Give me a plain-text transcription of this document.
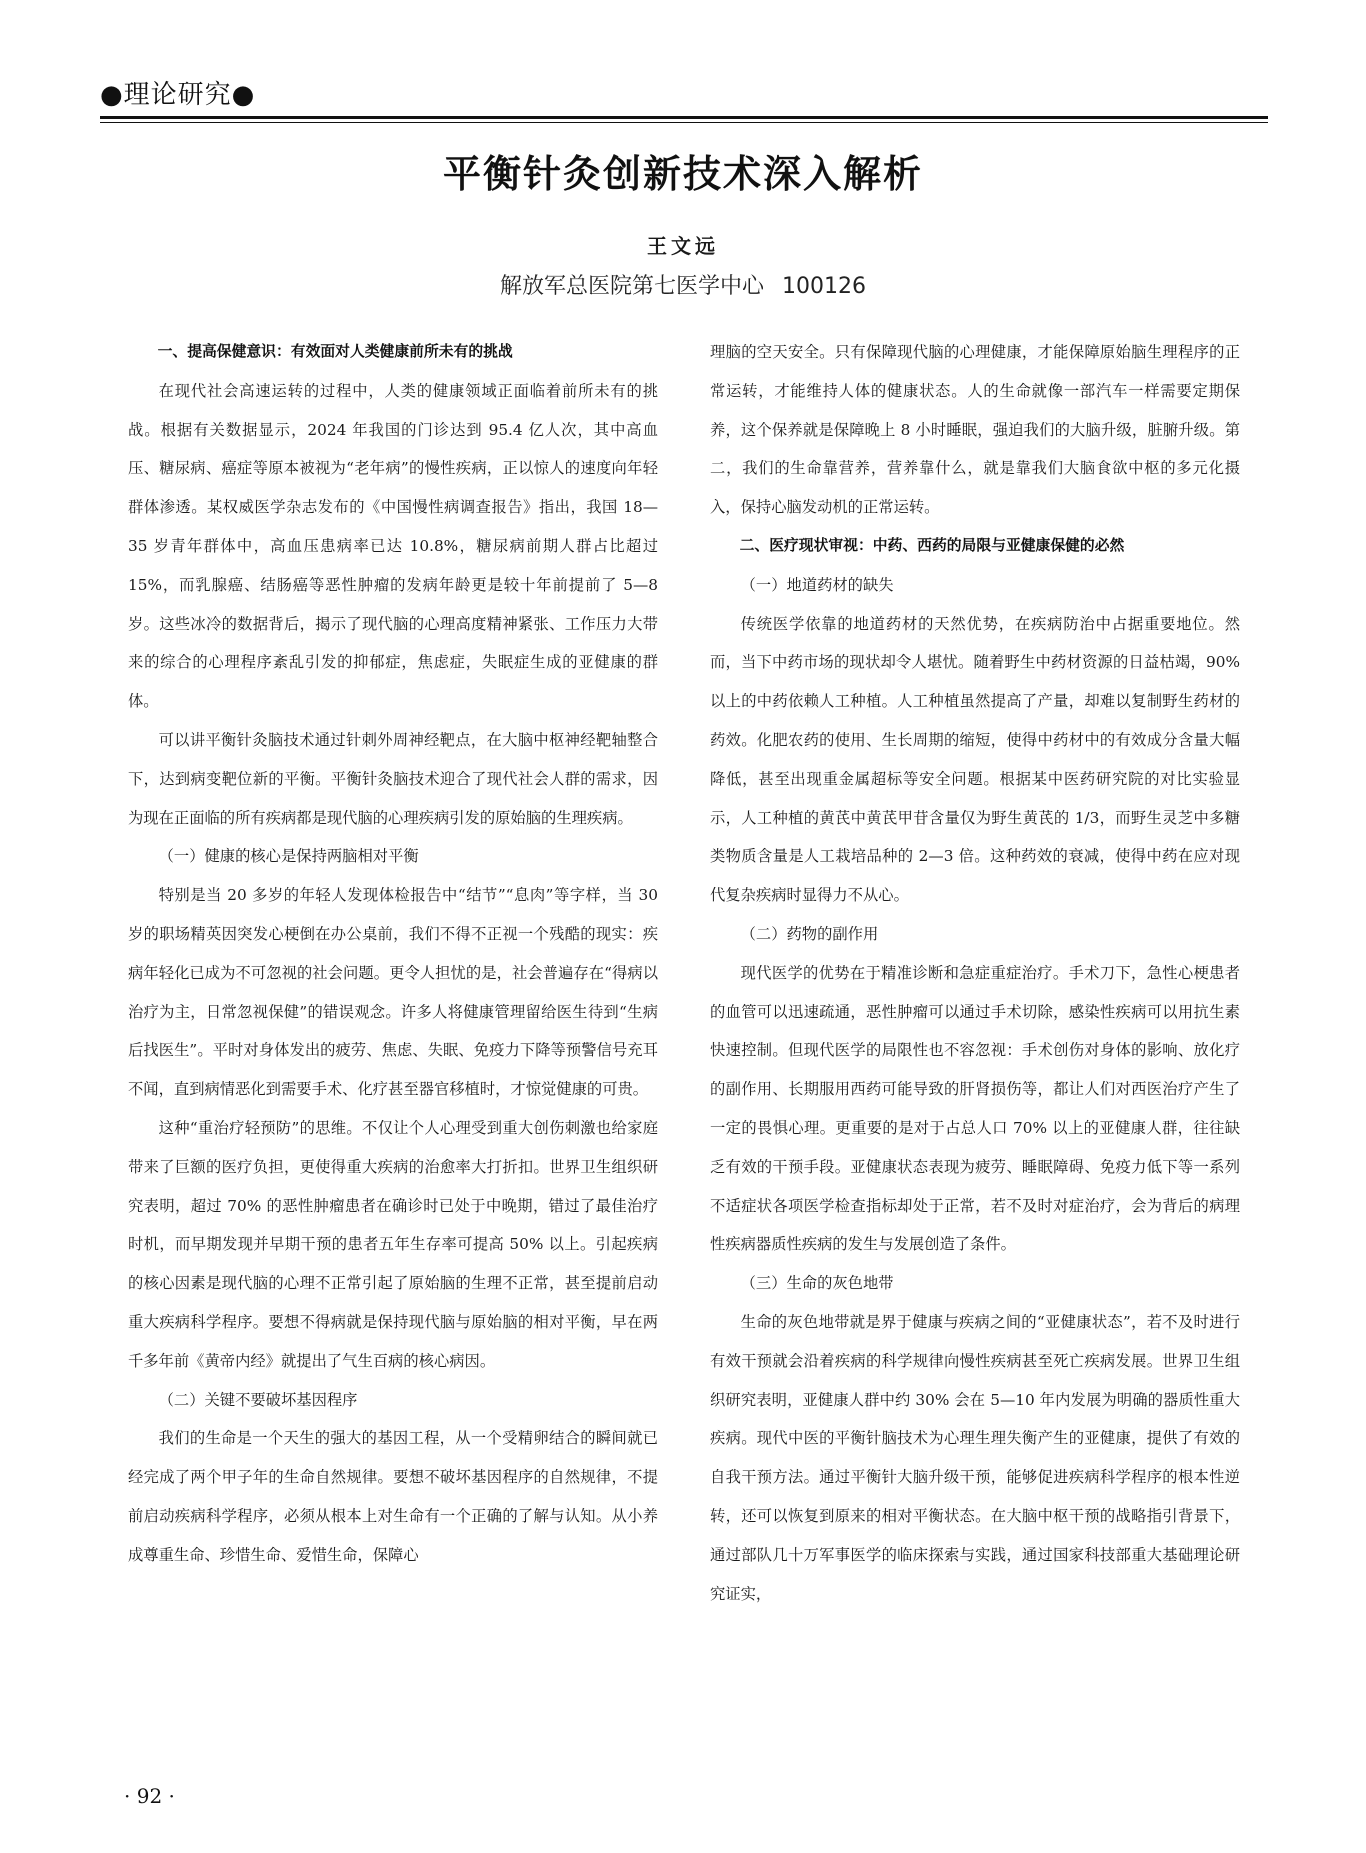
●理论研究●
平衡针灸创新技术深入解析
王文远
解放军总医院第七医学中心 100126
一、提高保健意识：有效面对人类健康前所未有的挑战

在现代社会高速运转的过程中，人类的健康领域正面临着前所未有的挑战。根据有关数据显示，2024 年我国的门诊达到 95.4 亿人次，其中高血压、糖尿病、癌症等原本被视为“老年病”的慢性疾病，正以惊人的速度向年轻群体渗透。某权威医学杂志发布的《中国慢性病调查报告》指出，我国 18—35 岁青年群体中，高血压患病率已达 10.8%，糖尿病前期人群占比超过 15%，而乳腺癌、结肠癌等恶性肿瘤的发病年龄更是较十年前提前了 5—8 岁。这些冰冷的数据背后，揭示了现代脑的心理高度精神紧张、工作压力大带来的综合的心理程序紊乱引发的抑郁症，焦虑症，失眠症生成的亚健康的群体。

可以讲平衡针灸脑技术通过针刺外周神经靶点，在大脑中枢神经靶轴整合下，达到病变靶位新的平衡。平衡针灸脑技术迎合了现代社会人群的需求，因为现在正面临的所有疾病都是现代脑的心理疾病引发的原始脑的生理疾病。

（一）健康的核心是保持两脑相对平衡

特别是当 20 多岁的年轻人发现体检报告中“结节”“息肉”等字样，当 30 岁的职场精英因突发心梗倒在办公桌前，我们不得不正视一个残酷的现实：疾病年轻化已成为不可忽视的社会问题。更令人担忧的是，社会普遍存在“得病以治疗为主，日常忽视保健”的错误观念。许多人将健康管理留给医生待到“生病后找医生”。平时对身体发出的疲劳、焦虑、失眠、免疫力下降等预警信号充耳不闻，直到病情恶化到需要手术、化疗甚至器官移植时，才惊觉健康的可贵。

这种“重治疗轻预防”的思维。不仅让个人心理受到重大创伤刺激也给家庭带来了巨额的医疗负担，更使得重大疾病的治愈率大打折扣。世界卫生组织研究表明，超过 70% 的恶性肿瘤患者在确诊时已处于中晚期，错过了最佳治疗时机，而早期发现并早期干预的患者五年生存率可提高 50% 以上。引起疾病的核心因素是现代脑的心理不正常引起了原始脑的生理不正常，甚至提前启动重大疾病科学程序。要想不得病就是保持现代脑与原始脑的相对平衡，早在两千多年前《黄帝内经》就提出了气生百病的核心病因。

（二）关键不要破坏基因程序

我们的生命是一个天生的强大的基因工程，从一个受精卵结合的瞬间就已经完成了两个甲子年的生命自然规律。要想不破坏基因程序的自然规律，不提前启动疾病科学程序，必须从根本上对生命有一个正确的了解与认知。从小养成尊重生命、珍惜生命、爱惜生命，保障心

理脑的空天安全。只有保障现代脑的心理健康，才能保障原始脑生理程序的正常运转，才能维持人体的健康状态。人的生命就像一部汽车一样需要定期保养，这个保养就是保障晚上 8 小时睡眠，强迫我们的大脑升级，脏腑升级。第二，我们的生命靠营养，营养靠什么，就是靠我们大脑食欲中枢的多元化摄入，保持心脑发动机的正常运转。

二、医疗现状审视：中药、西药的局限与亚健康保健的必然
（一）地道药材的缺失

传统医学依靠的地道药材的天然优势，在疾病防治中占据重要地位。然而，当下中药市场的现状却令人堪忧。随着野生中药材资源的日益枯竭，90% 以上的中药依赖人工种植。人工种植虽然提高了产量，却难以复制野生药材的药效。化肥农药的使用、生长周期的缩短，使得中药材中的有效成分含量大幅降低，甚至出现重金属超标等安全问题。根据某中医药研究院的对比实验显示，人工种植的黄芪中黄芪甲苷含量仅为野生黄芪的 1/3，而野生灵芝中多糖类物质含量是人工栽培品种的 2—3 倍。这种药效的衰减，使得中药在应对现代复杂疾病时显得力不从心。

（二）药物的副作用

现代医学的优势在于精准诊断和急症重症治疗。手术刀下，急性心梗患者的血管可以迅速疏通，恶性肿瘤可以通过手术切除，感染性疾病可以用抗生素快速控制。但现代医学的局限性也不容忽视：手术创伤对身体的影响、放化疗的副作用、长期服用西药可能导致的肝肾损伤等，都让人们对西医治疗产生了一定的畏惧心理。更重要的是对于占总人口 70% 以上的亚健康人群，往往缺乏有效的干预手段。亚健康状态表现为疲劳、睡眠障碍、免疫力低下等一系列不适症状各项医学检查指标却处于正常，若不及时对症治疗，会为背后的病理性疾病器质性疾病的发生与发展创造了条件。

（三）生命的灰色地带

生命的灰色地带就是界于健康与疾病之间的“亚健康状态”，若不及时进行有效干预就会沿着疾病的科学规律向慢性疾病甚至死亡疾病发展。世界卫生组织研究表明，亚健康人群中约 30% 会在 5—10 年内发展为明确的器质性重大疾病。现代中医的平衡针脑技术为心理生理失衡产生的亚健康，提供了有效的自我干预方法。通过平衡针大脑升级干预，能够促进疾病科学程序的根本性逆转，还可以恢复到原来的相对平衡状态。在大脑中枢干预的战略指引背景下，通过部队几十万军事医学的临床探索与实践，通过国家科技部重大基础理论研究证实，

· 92 ·
